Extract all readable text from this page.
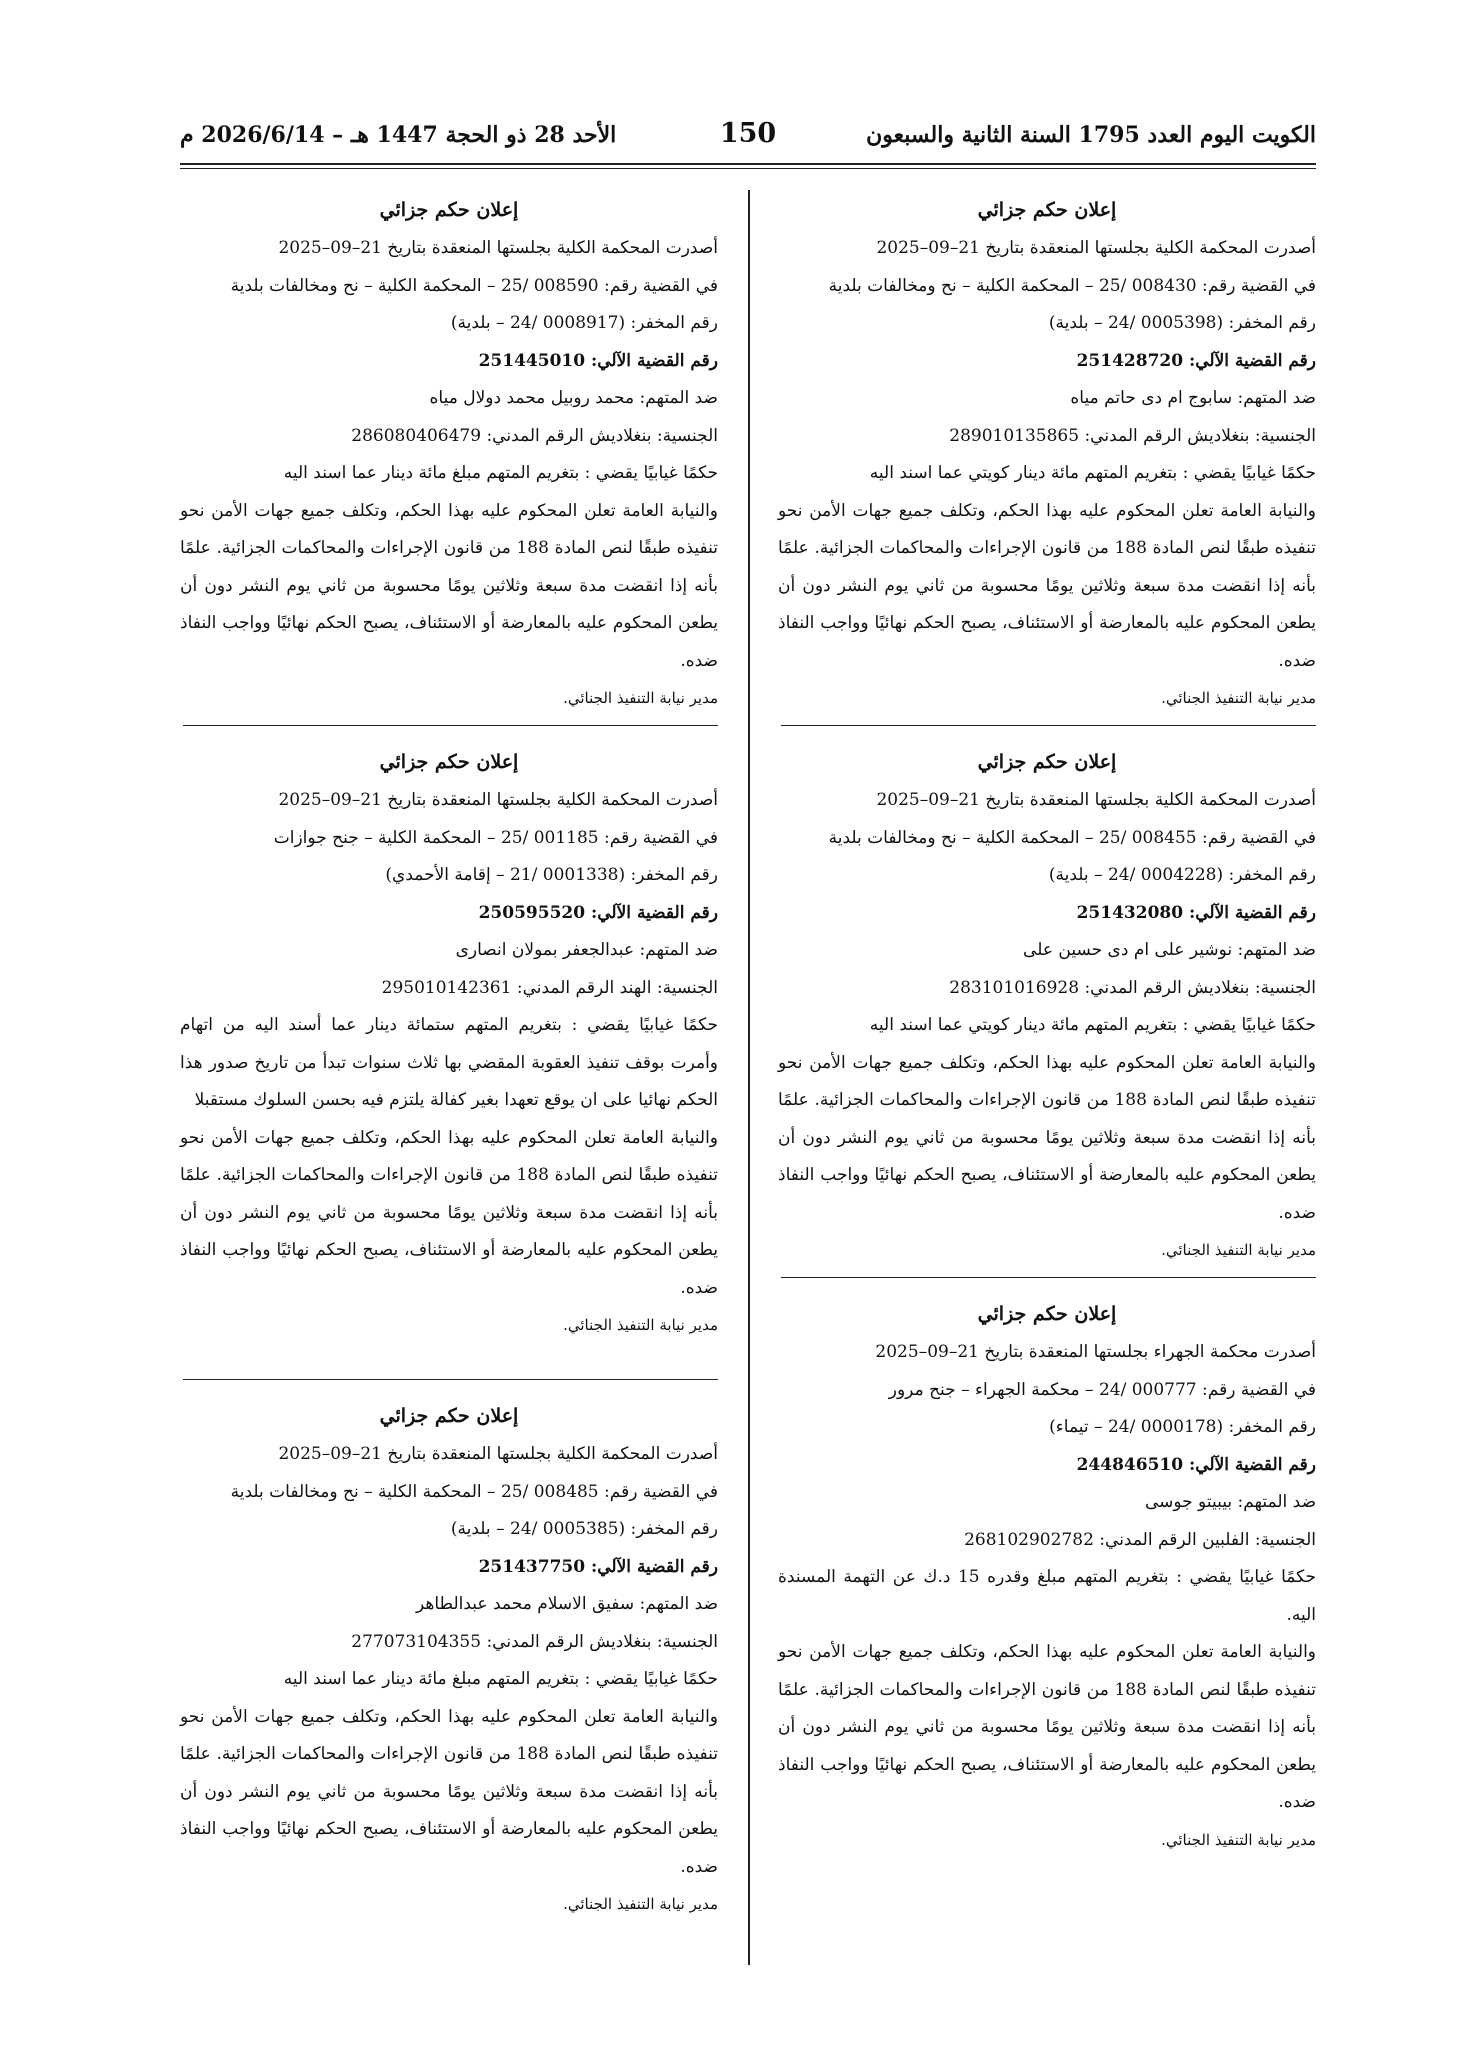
الكويت اليوم العدد 1795 السنة الثانية والسبعون
150
الأحد 28 ذو الحجة 1447 هـ – 2026/6/14 م
إعلان حكم جزائي
أصدرت المحكمة الكلية بجلستها المنعقدة بتاريخ 21–09–2025
في القضية رقم: 008430 /25 – المحكمة الكلية – نح ومخالفات بلدية
رقم المخفر: (0005398 /24 – بلدية)
رقم القضية الآلي: 251428720
ضد المتهم: سابوج ام دى حاتم مياه
الجنسية: بنغلاديش الرقم المدني: 289010135865
حكمًا غيابيًا يقضي : بتغريم المتهم مائة دينار كويتي عما اسند اليه
والنيابة العامة تعلن المحكوم عليه بهذا الحكم، وتكلف جميع جهات الأمن نحو تنفيذه طبقًا لنص المادة 188 من قانون الإجراءات والمحاكمات الجزائية. علمًا بأنه إذا انقضت مدة سبعة وثلاثين يومًا محسوبة من ثاني يوم النشر دون أن يطعن المحكوم عليه بالمعارضة أو الاستئناف، يصبح الحكم نهائيًا وواجب النفاذ ضده.
مدير نيابة التنفيذ الجنائي.
إعلان حكم جزائي
أصدرت المحكمة الكلية بجلستها المنعقدة بتاريخ 21–09–2025
في القضية رقم: 008455 /25 – المحكمة الكلية – نح ومخالفات بلدية
رقم المخفر: (0004228 /24 – بلدية)
رقم القضية الآلي: 251432080
ضد المتهم: نوشير على ام دى حسين على
الجنسية: بنغلاديش الرقم المدني: 283101016928
حكمًا غيابيًا يقضي : بتغريم المتهم مائة دينار كويتي عما اسند اليه
والنيابة العامة تعلن المحكوم عليه بهذا الحكم، وتكلف جميع جهات الأمن نحو تنفيذه طبقًا لنص المادة 188 من قانون الإجراءات والمحاكمات الجزائية. علمًا بأنه إذا انقضت مدة سبعة وثلاثين يومًا محسوبة من ثاني يوم النشر دون أن يطعن المحكوم عليه بالمعارضة أو الاستئناف، يصبح الحكم نهائيًا وواجب النفاذ ضده.
مدير نيابة التنفيذ الجنائي.
إعلان حكم جزائي
أصدرت محكمة الجهراء بجلستها المنعقدة بتاريخ 21–09–2025
في القضية رقم: 000777 /24 – محكمة الجهراء – جنح مرور
رقم المخفر: (0000178 /24 – تيماء)
رقم القضية الآلي: 244846510
ضد المتهم: بيبيتو جوسى
الجنسية: الفلبين الرقم المدني: 268102902782
حكمًا غيابيًا يقضي : بتغريم المتهم مبلغ وقدره 15 د.ك عن التهمة المسندة اليه.
والنيابة العامة تعلن المحكوم عليه بهذا الحكم، وتكلف جميع جهات الأمن نحو تنفيذه طبقًا لنص المادة 188 من قانون الإجراءات والمحاكمات الجزائية. علمًا بأنه إذا انقضت مدة سبعة وثلاثين يومًا محسوبة من ثاني يوم النشر دون أن يطعن المحكوم عليه بالمعارضة أو الاستئناف، يصبح الحكم نهائيًا وواجب النفاذ ضده.
مدير نيابة التنفيذ الجنائي.
إعلان حكم جزائي
أصدرت المحكمة الكلية بجلستها المنعقدة بتاريخ 21–09–2025
في القضية رقم: 008590 /25 – المحكمة الكلية – نح ومخالفات بلدية
رقم المخفر: (0008917 /24 – بلدية)
رقم القضية الآلي: 251445010
ضد المتهم: محمد روبيل محمد دولال مياه
الجنسية: بنغلاديش الرقم المدني: 286080406479
حكمًا غيابيًا يقضي : بتغريم المتهم مبلغ مائة دينار عما اسند اليه
والنيابة العامة تعلن المحكوم عليه بهذا الحكم، وتكلف جميع جهات الأمن نحو تنفيذه طبقًا لنص المادة 188 من قانون الإجراءات والمحاكمات الجزائية. علمًا بأنه إذا انقضت مدة سبعة وثلاثين يومًا محسوبة من ثاني يوم النشر دون أن يطعن المحكوم عليه بالمعارضة أو الاستئناف، يصبح الحكم نهائيًا وواجب النفاذ ضده.
مدير نيابة التنفيذ الجنائي.
إعلان حكم جزائي
أصدرت المحكمة الكلية بجلستها المنعقدة بتاريخ 21–09–2025
في القضية رقم: 001185 /25 – المحكمة الكلية – جنح جوازات
رقم المخفر: (0001338 /21 – إقامة الأحمدي)
رقم القضية الآلي: 250595520
ضد المتهم: عبدالجعفر بمولان انصارى
الجنسية: الهند الرقم المدني: 295010142361
حكمًا غيابيًا يقضي : بتغريم المتهم ستمائة دينار عما أسند اليه من اتهام وأمرت بوقف تنفيذ العقوبة المقضي بها ثلاث سنوات تبدأ من تاريخ صدور هذا الحكم نهائيا على ان يوقع تعهدا بغير كفالة يلتزم فيه بحسن السلوك مستقبلا
والنيابة العامة تعلن المحكوم عليه بهذا الحكم، وتكلف جميع جهات الأمن نحو تنفيذه طبقًا لنص المادة 188 من قانون الإجراءات والمحاكمات الجزائية. علمًا بأنه إذا انقضت مدة سبعة وثلاثين يومًا محسوبة من ثاني يوم النشر دون أن يطعن المحكوم عليه بالمعارضة أو الاستئناف، يصبح الحكم نهائيًا وواجب النفاذ ضده.
مدير نيابة التنفيذ الجنائي.
إعلان حكم جزائي
أصدرت المحكمة الكلية بجلستها المنعقدة بتاريخ 21–09–2025
في القضية رقم: 008485 /25 – المحكمة الكلية – نح ومخالفات بلدية
رقم المخفر: (0005385 /24 – بلدية)
رقم القضية الآلي: 251437750
ضد المتهم: سفيق الاسلام محمد عبدالطاهر
الجنسية: بنغلاديش الرقم المدني: 277073104355
حكمًا غيابيًا يقضي : بتغريم المتهم مبلغ مائة دينار عما اسند اليه
والنيابة العامة تعلن المحكوم عليه بهذا الحكم، وتكلف جميع جهات الأمن نحو تنفيذه طبقًا لنص المادة 188 من قانون الإجراءات والمحاكمات الجزائية. علمًا بأنه إذا انقضت مدة سبعة وثلاثين يومًا محسوبة من ثاني يوم النشر دون أن يطعن المحكوم عليه بالمعارضة أو الاستئناف، يصبح الحكم نهائيًا وواجب النفاذ ضده.
مدير نيابة التنفيذ الجنائي.
